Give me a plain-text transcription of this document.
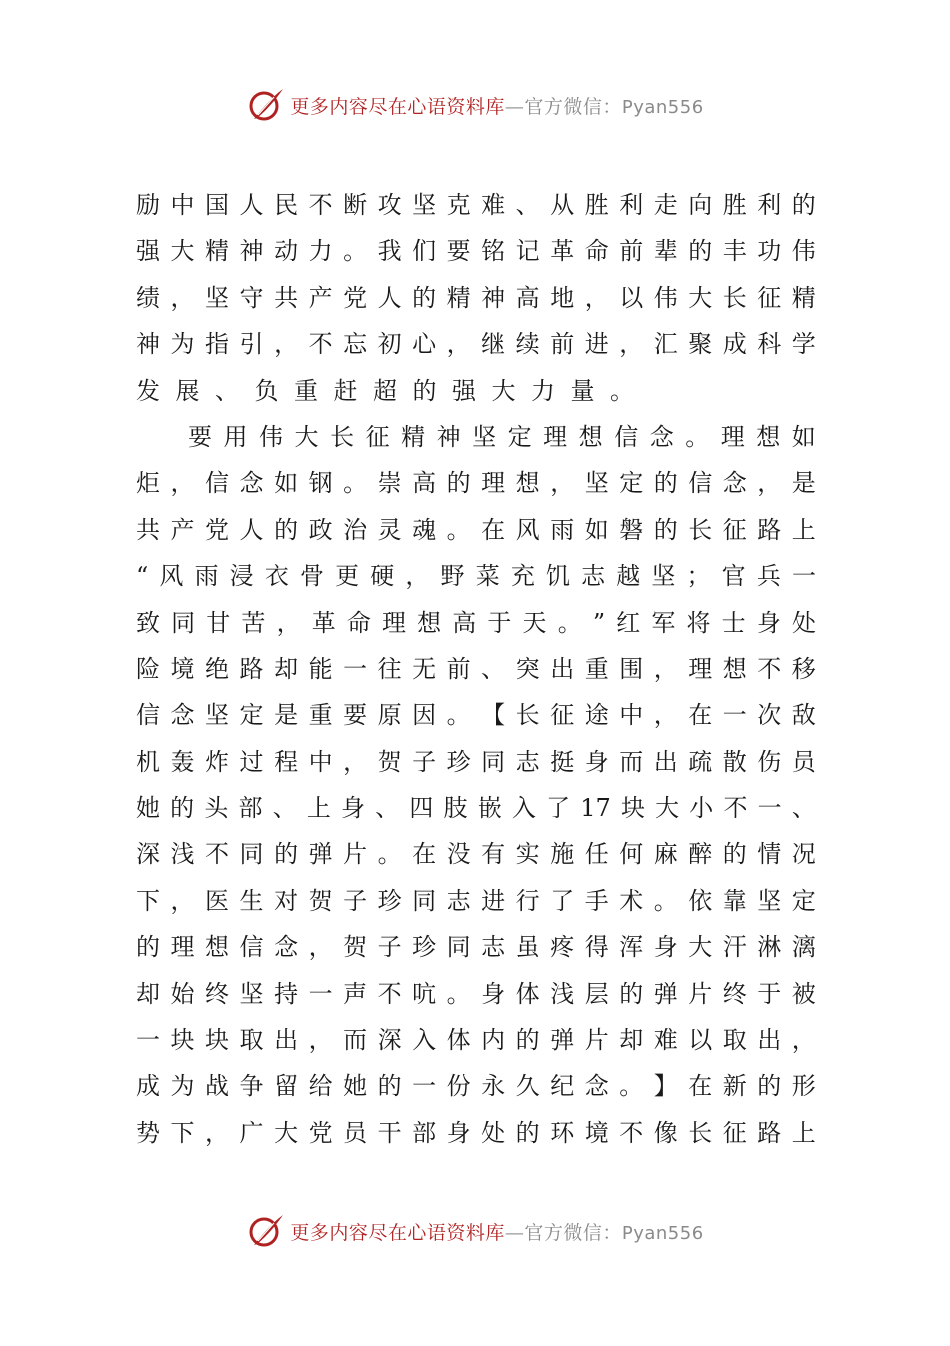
更多内容尽在心语资料库—官方微信：Pyan556
励 中 国 人 民 不 断 攻 坚 克 难 、 从 胜 利 走 向 胜 利 的
强 大 精 神 动 力 。 我 们 要 铭 记 革 命 前 辈 的 丰 功 伟
绩 ， 坚 守 共 产 党 人 的 精 神 高 地 ， 以 伟 大 长 征 精
神 为 指 引 ， 不 忘 初 心 ， 继 续 前 进 ， 汇 聚 成 科 学
发 展 、 负 重 赶 超 的 强 大 力 量 。
要 用 伟 大 长 征 精 神 坚 定 理 想 信 念 。 理 想 如
炬 ， 信 念 如 钢 。 崇 高 的 理 想 ， 坚 定 的 信 念 ， 是
共 产 党 人 的 政 治 灵 魂 。 在 风 雨 如 磐 的 长 征 路 上
“ 风 雨 浸 衣 骨 更 硬 ， 野 菜 充 饥 志 越 坚 ； 官 兵 一
致 同 甘 苦 ， 革 命 理 想 高 于 天 。 ” 红 军 将 士 身 处
险 境 绝 路 却 能 一 往 无 前 、 突 出 重 围 ， 理 想 不 移
信 念 坚 定 是 重 要 原 因 。 【 长 征 途 中 ， 在 一 次 敌
机 轰 炸 过 程 中 ， 贺 子 珍 同 志 挺 身 而 出 疏 散 伤 员
她 的 头 部 、 上 身 、 四 肢 嵌 入 了 17 块 大 小 不 一 、
深 浅 不 同 的 弹 片 。 在 没 有 实 施 任 何 麻 醉 的 情 况
下 ， 医 生 对 贺 子 珍 同 志 进 行 了 手 术 。 依 靠 坚 定
的 理 想 信 念 ， 贺 子 珍 同 志 虽 疼 得 浑 身 大 汗 淋 漓
却 始 终 坚 持 一 声 不 吭 。 身 体 浅 层 的 弹 片 终 于 被
一 块 块 取 出 ， 而 深 入 体 内 的 弹 片 却 难 以 取 出 ，
成 为 战 争 留 给 她 的 一 份 永 久 纪 念 。 】 在 新 的 形
势 下 ， 广 大 党 员 干 部 身 处 的 环 境 不 像 长 征 路 上
更多内容尽在心语资料库—官方微信：Pyan556
